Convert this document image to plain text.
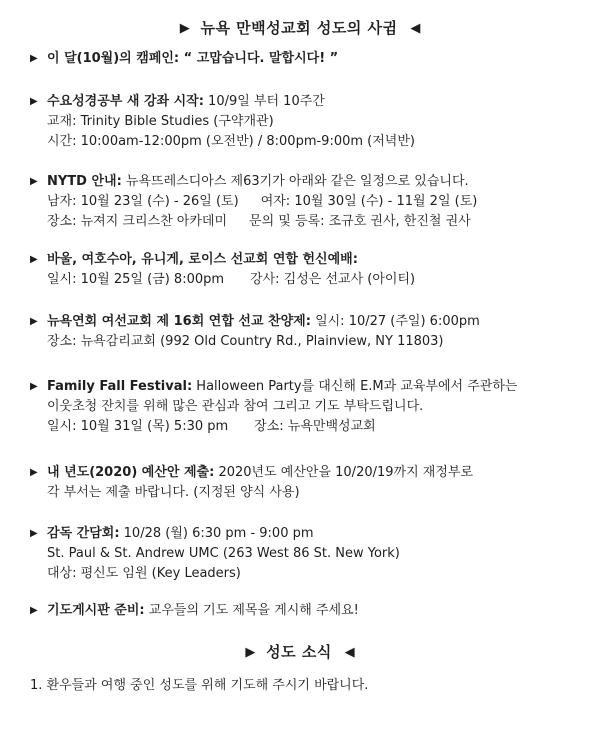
▶ 뉴욕 만백성교회 성도의 사귐 ◀
▶ 이 달(10월)의 캠페인: “ 고맙습니다. 말합시다! ”
▶ 수요성경공부 새 강좌 시작: 10/9일 부터 10주간
교재: Trinity Bible Studies (구약개관)
시간: 10:00am-12:00pm (오전반) / 8:00pm-9:00m (저녁반)
▶ NYTD 안내: 뉴욕뜨레스디아스 제63기가 아래와 같은 일정으로 있습니다.
남자: 10월 23일 (수) - 26일 (토) 여자: 10월 30일 (수) - 11월 2일 (토)
장소: 뉴져지 크리스찬 아카데미 문의 및 등록: 조규호 권사, 한진철 권사
▶ 바울, 여호수아, 유니게, 로이스 선교회 연합 헌신예배:
일시: 10월 25일 (금) 8:00pm 강사: 김성은 선교사 (아이티)
▶ 뉴욕연회 여선교회 제 16회 연합 선교 찬양제: 일시: 10/27 (주일) 6:00pm
장소: 뉴욕감리교회 (992 Old Country Rd., Plainview, NY 11803)
▶ Family Fall Festival: Halloween Party를 대신해 E.M과 교육부에서 주관하는
이웃초청 잔치를 위해 많은 관심과 참여 그리고 기도 부탁드립니다.
일시: 10월 31일 (목) 5:30 pm 장소: 뉴욕만백성교회
▶ 내 년도(2020) 예산안 제출: 2020년도 예산안을 10/20/19까지 재정부로
각 부서는 제출 바랍니다. (지정된 양식 사용)
▶ 감독 간담회: 10/28 (월) 6:30 pm - 9:00 pm
St. Paul & St. Andrew UMC (263 West 86 St. New York)
대상: 평신도 임원 (Key Leaders)
▶ 기도게시판 준비: 교우들의 기도 제목을 게시해 주세요!
▶ 성도 소식 ◀
1. 환우들과 여행 중인 성도를 위해 기도해 주시기 바랍니다.
